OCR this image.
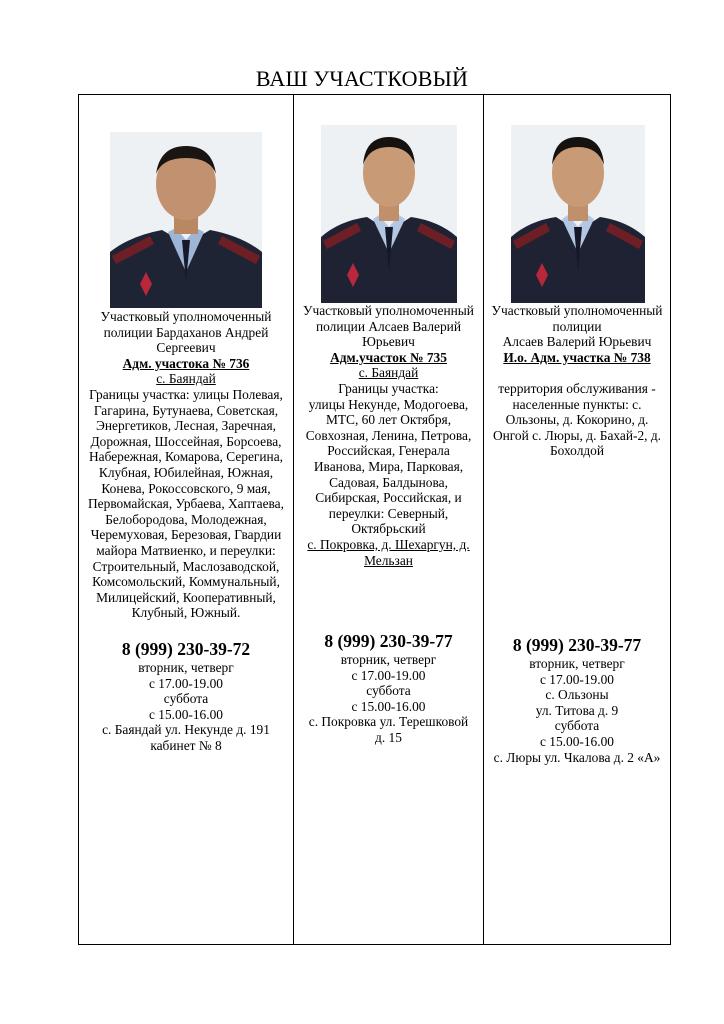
ВАШ УЧАСТКОВЫЙ
Участковый уполномоченный
полиции Бардаханов Андрей
Сергеевич
Адм. участока № 736
с. Баяндай
Границы участка: улицы Полевая,
Гагарина, Бутунаева, Советская,
Энергетиков, Лесная, Заречная,
Дорожная, Шоссейная, Борсоева,
Набережная, Комарова, Серегина,
Клубная, Юбилейная, Южная,
Конева, Рокоссовского, 9 мая,
Первомайская, Урбаева, Хаптаева,
Белобородова, Молодежная,
Черемуховая, Березовая, Гвардии
майора Матвиенко, и переулки:
Строительный, Маслозаводской,
Комсомольский, Коммунальный,
Милицейский, Кооперативный,
Клубный, Южный.
8 (999) 230-39-72
вторник, четверг
с 17.00-19.00
суббота
с 15.00-16.00
с. Баяндай ул. Некунде д. 191
кабинет № 8
Участковый уполномоченный
полиции Алсаев Валерий
Юрьевич
Адм.участок № 735
с. Баяндай
Границы участка:
улицы Некунде, Модогоева,
МТС, 60 лет Октября,
Совхозная, Ленина, Петрова,
Российская, Генерала
Иванова, Мира, Парковая,
Садовая, Балдынова,
Сибирская, Российская, и
переулки: Северный,
Октябрьский
с. Покровка, д. Шехаргун, д.
Мельзан
8 (999) 230-39-77
вторник, четверг
с 17.00-19.00
суббота
с 15.00-16.00
с. Покровка ул. Терешковой
д. 15
Участковый уполномоченный
полиции
Алсаев Валерий Юрьевич
И.о. Адм. участка № 738
территория обслуживания -
населенные пункты: с.
Ользоны, д. Кокорино, д.
Онгой с. Люры, д. Бахай-2, д.
Бохолдой
8 (999) 230-39-77
вторник, четверг
с 17.00-19.00
с. Ользоны
ул. Титова д. 9
суббота
с 15.00-16.00
с. Люры ул. Чкалова д. 2 «А»
